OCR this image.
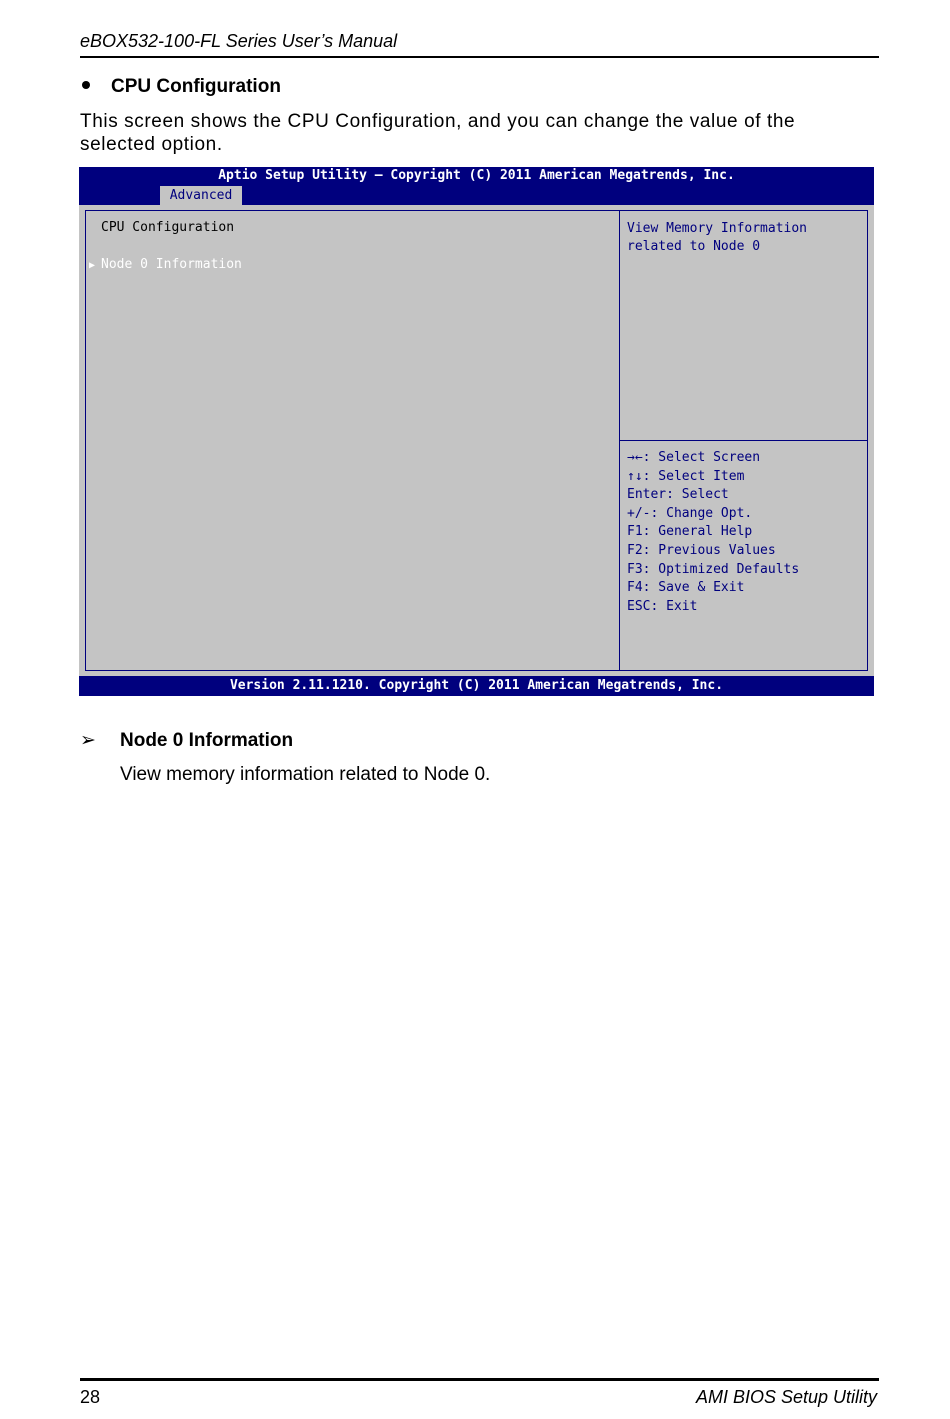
eBOX532-100-FL Series User’s Manual
CPU Configuration

This screen shows the CPU Configuration, and you can change the value of the selected option.

Aptio Setup Utility – Copyright (C) 2011 American Megatrends, Inc.
Advanced
CPU Configuration
▶ Node 0 Information
View Memory Information
related to Node 0
→←: Select Screen
↑↓: Select Item
Enter: Select
+/-: Change Opt.
F1: General Help
F2: Previous Values
F3: Optimized Defaults
F4: Save & Exit
ESC: Exit
Version 2.11.1210. Copyright (C) 2011 American Megatrends, Inc.
➢ Node 0 Information

View memory information related to Node 0.

28	AMI BIOS Setup Utility
